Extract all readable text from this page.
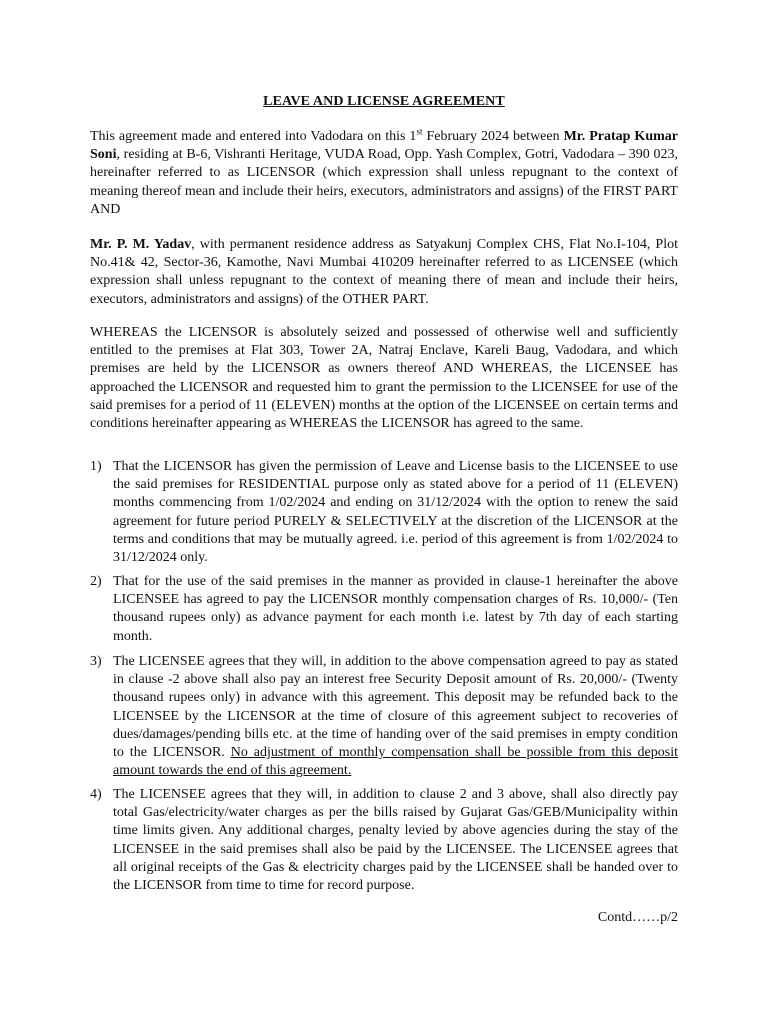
LEAVE AND LICENSE AGREEMENT
This agreement made and entered into Vadodara on this 1st February 2024 between Mr. Pratap Kumar Soni, residing at B-6, Vishranti Heritage, VUDA Road, Opp. Yash Complex, Gotri, Vadodara – 390 023, hereinafter referred to as LICENSOR (which expression shall unless repugnant to the context of meaning thereof mean and include their heirs, executors, administrators and assigns) of the FIRST PART AND
Mr. P. M. Yadav, with permanent residence address as Satyakunj Complex CHS, Flat No.I-104, Plot No.41& 42, Sector-36, Kamothe, Navi Mumbai 410209 hereinafter referred to as LICENSEE (which expression shall unless repugnant to the context of meaning there of mean and include their heirs, executors, administrators and assigns) of the OTHER PART.
WHEREAS the LICENSOR is absolutely seized and possessed of otherwise well and sufficiently entitled to the premises at Flat 303, Tower 2A, Natraj Enclave, Kareli Baug, Vadodara, and which premises are held by the LICENSOR as owners thereof AND WHEREAS, the LICENSEE has approached the LICENSOR and requested him to grant the permission to the LICENSEE for use of the said premises for a period of 11 (ELEVEN) months at the option of the LICENSEE on certain terms and conditions hereinafter appearing as WHEREAS the LICENSOR has agreed to the same.
1) That the LICENSOR has given the permission of Leave and License basis to the LICENSEE to use the said premises for RESIDENTIAL purpose only as stated above for a period of 11 (ELEVEN) months commencing from 1/02/2024 and ending on 31/12/2024 with the option to renew the said agreement for future period PURELY & SELECTIVELY at the discretion of the LICENSOR at the terms and conditions that may be mutually agreed. i.e. period of this agreement is from 1/02/2024 to 31/12/2024 only.
2) That for the use of the said premises in the manner as provided in clause-1 hereinafter the above LICENSEE has agreed to pay the LICENSOR monthly compensation charges of Rs. 10,000/- (Ten thousand rupees only) as advance payment for each month i.e. latest by 7th day of each starting month.
3) The LICENSEE agrees that they will, in addition to the above compensation agreed to pay as stated in clause -2 above shall also pay an interest free Security Deposit amount of Rs. 20,000/- (Twenty thousand rupees only) in advance with this agreement. This deposit may be refunded back to the LICENSEE by the LICENSOR at the time of closure of this agreement subject to recoveries of dues/damages/pending bills etc. at the time of handing over of the said premises in empty condition to the LICENSOR. No adjustment of monthly compensation shall be possible from this deposit amount towards the end of this agreement.
4) The LICENSEE agrees that they will, in addition to clause 2 and 3 above, shall also directly pay total Gas/electricity/water charges as per the bills raised by Gujarat Gas/GEB/Municipality within time limits given. Any additional charges, penalty levied by above agencies during the stay of the LICENSEE in the said premises shall also be paid by the LICENSEE. The LICENSEE agrees that all original receipts of the Gas & electricity charges paid by the LICENSEE shall be handed over to the LICENSOR from time to time for record purpose.
Contd……p/2
